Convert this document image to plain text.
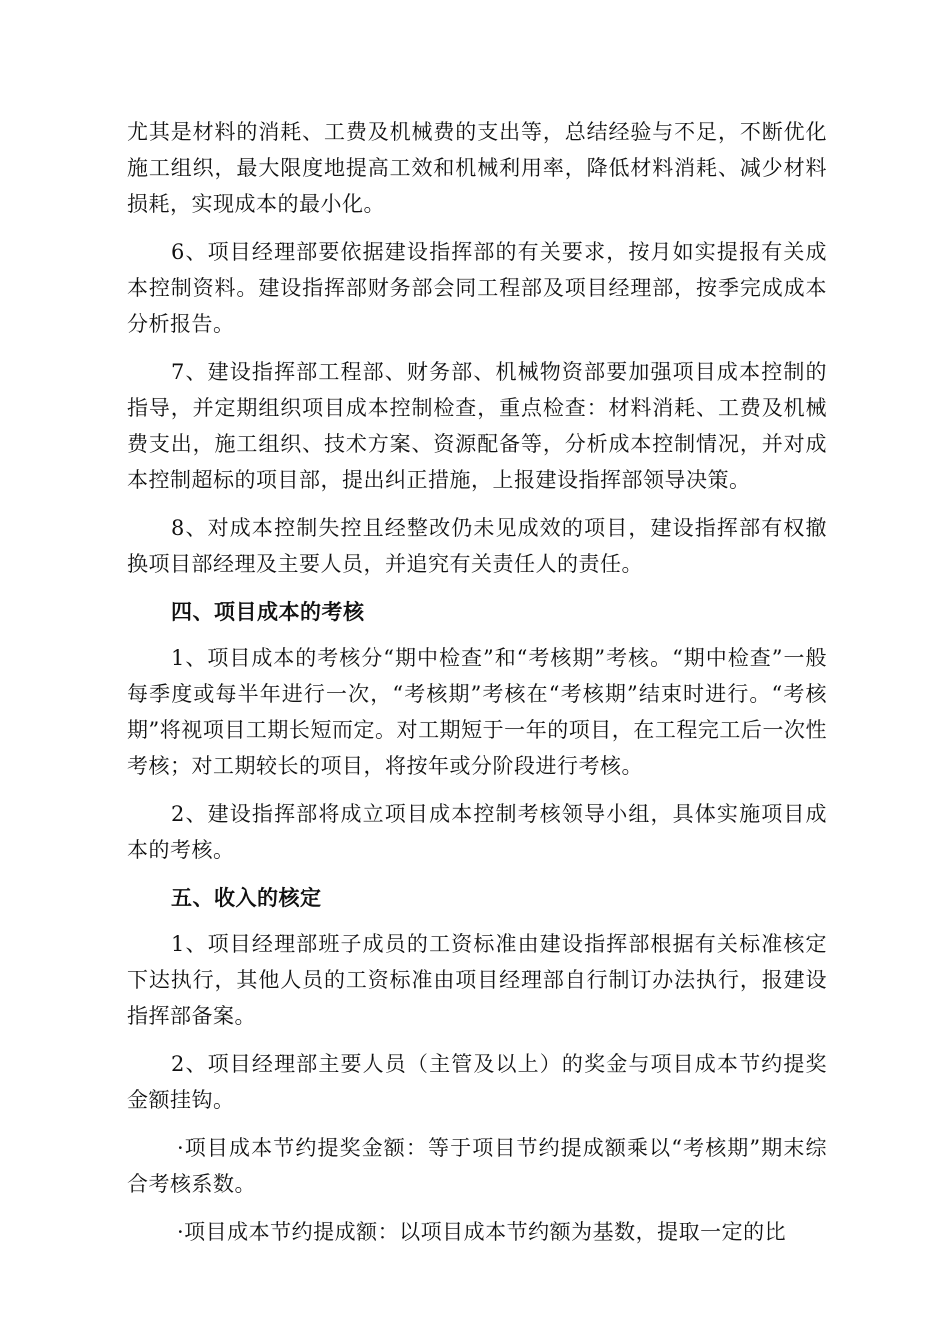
尤其是材料的消耗、工费及机械费的支出等，总结经验与不足，不断优化施工组织，最大限度地提高工效和机械利用率，降低材料消耗、减少材料损耗，实现成本的最小化。

6、项目经理部要依据建设指挥部的有关要求，按月如实提报有关成本控制资料。建设指挥部财务部会同工程部及项目经理部，按季完成成本分析报告。

7、建设指挥部工程部、财务部、机械物资部要加强项目成本控制的指导，并定期组织项目成本控制检查，重点检查：材料消耗、工费及机械费支出，施工组织、技术方案、资源配备等，分析成本控制情况，并对成本控制超标的项目部，提出纠正措施，上报建设指挥部领导决策。

8、对成本控制失控且经整改仍未见成效的项目，建设指挥部有权撤换项目部经理及主要人员，并追究有关责任人的责任。

四、项目成本的考核

1、项目成本的考核分“期中检查”和“考核期”考核。“期中检查”一般每季度或每半年进行一次，“考核期”考核在“考核期”结束时进行。“考核期”将视项目工期长短而定。对工期短于一年的项目，在工程完工后一次性考核；对工期较长的项目，将按年或分阶段进行考核。

2、建设指挥部将成立项目成本控制考核领导小组，具体实施项目成本的考核。

五、收入的核定

1、项目经理部班子成员的工资标准由建设指挥部根据有关标准核定下达执行，其他人员的工资标准由项目经理部自行制订办法执行，报建设指挥部备案。

2、项目经理部主要人员（主管及以上）的奖金与项目成本节约提奖金额挂钩。

·项目成本节约提奖金额：等于项目节约提成额乘以“考核期”期末综合考核系数。

·项目成本节约提成额：以项目成本节约额为基数，提取一定的比
